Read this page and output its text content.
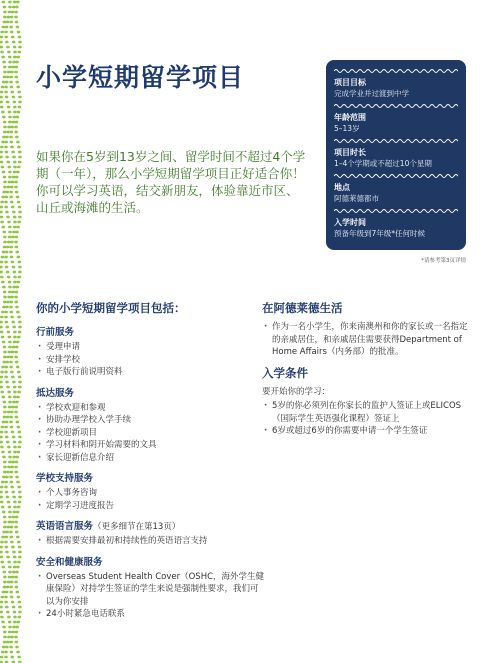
小学短期留学项目

如果你在5岁到13岁之间、留学时间不超过4个学期（一年），那么小学短期留学项目正好适合你！你可以学习英语，结交新朋友，体验靠近市区、山丘或海滩的生活。

项目目标
完成学业并过渡到中学
年龄范围
5–13岁
项目时长
1–4个学期或不超过10个星期
地点
阿德莱德都市
入学时间
预备年级到7年级*任何时候
*请参考第3页详情
你的小学短期留学项目包括：
行前服务
· 受理申请
· 安排学校
· 电子版行前说明资料
抵达服务
· 学校欢迎和参观
· 协助办理学校入学手续
· 学校迎新项目
· 学习材料和阴开始需要的文具
· 家长迎新信息介绍
学校支持服务
· 个人事务咨询
· 定期学习进度报告
英语语言服务（更多细节在第13页）
· 根据需要安排最初和持续性的英语语言支持
安全和健康服务
· Overseas Student Health Cover（OSHC，海外学生健康保险）对持学生签证的学生来说是强制性要求，我们可以为你安排
· 24小时紧急电话联系
在阿德莱德生活
· 作为一名小学生，你来南澳州和你的家长或一名指定的亲戚居住，和亲戚居住需要获得Department of Home Affairs（内务部）的批准。
入学条件
要开始你的学习：
· 5岁的你必须列在你家长的监护人签证上或ELICOS（国际学生英语强化课程）签证上
· 6岁或超过6岁的你需要申请一个学生签证
